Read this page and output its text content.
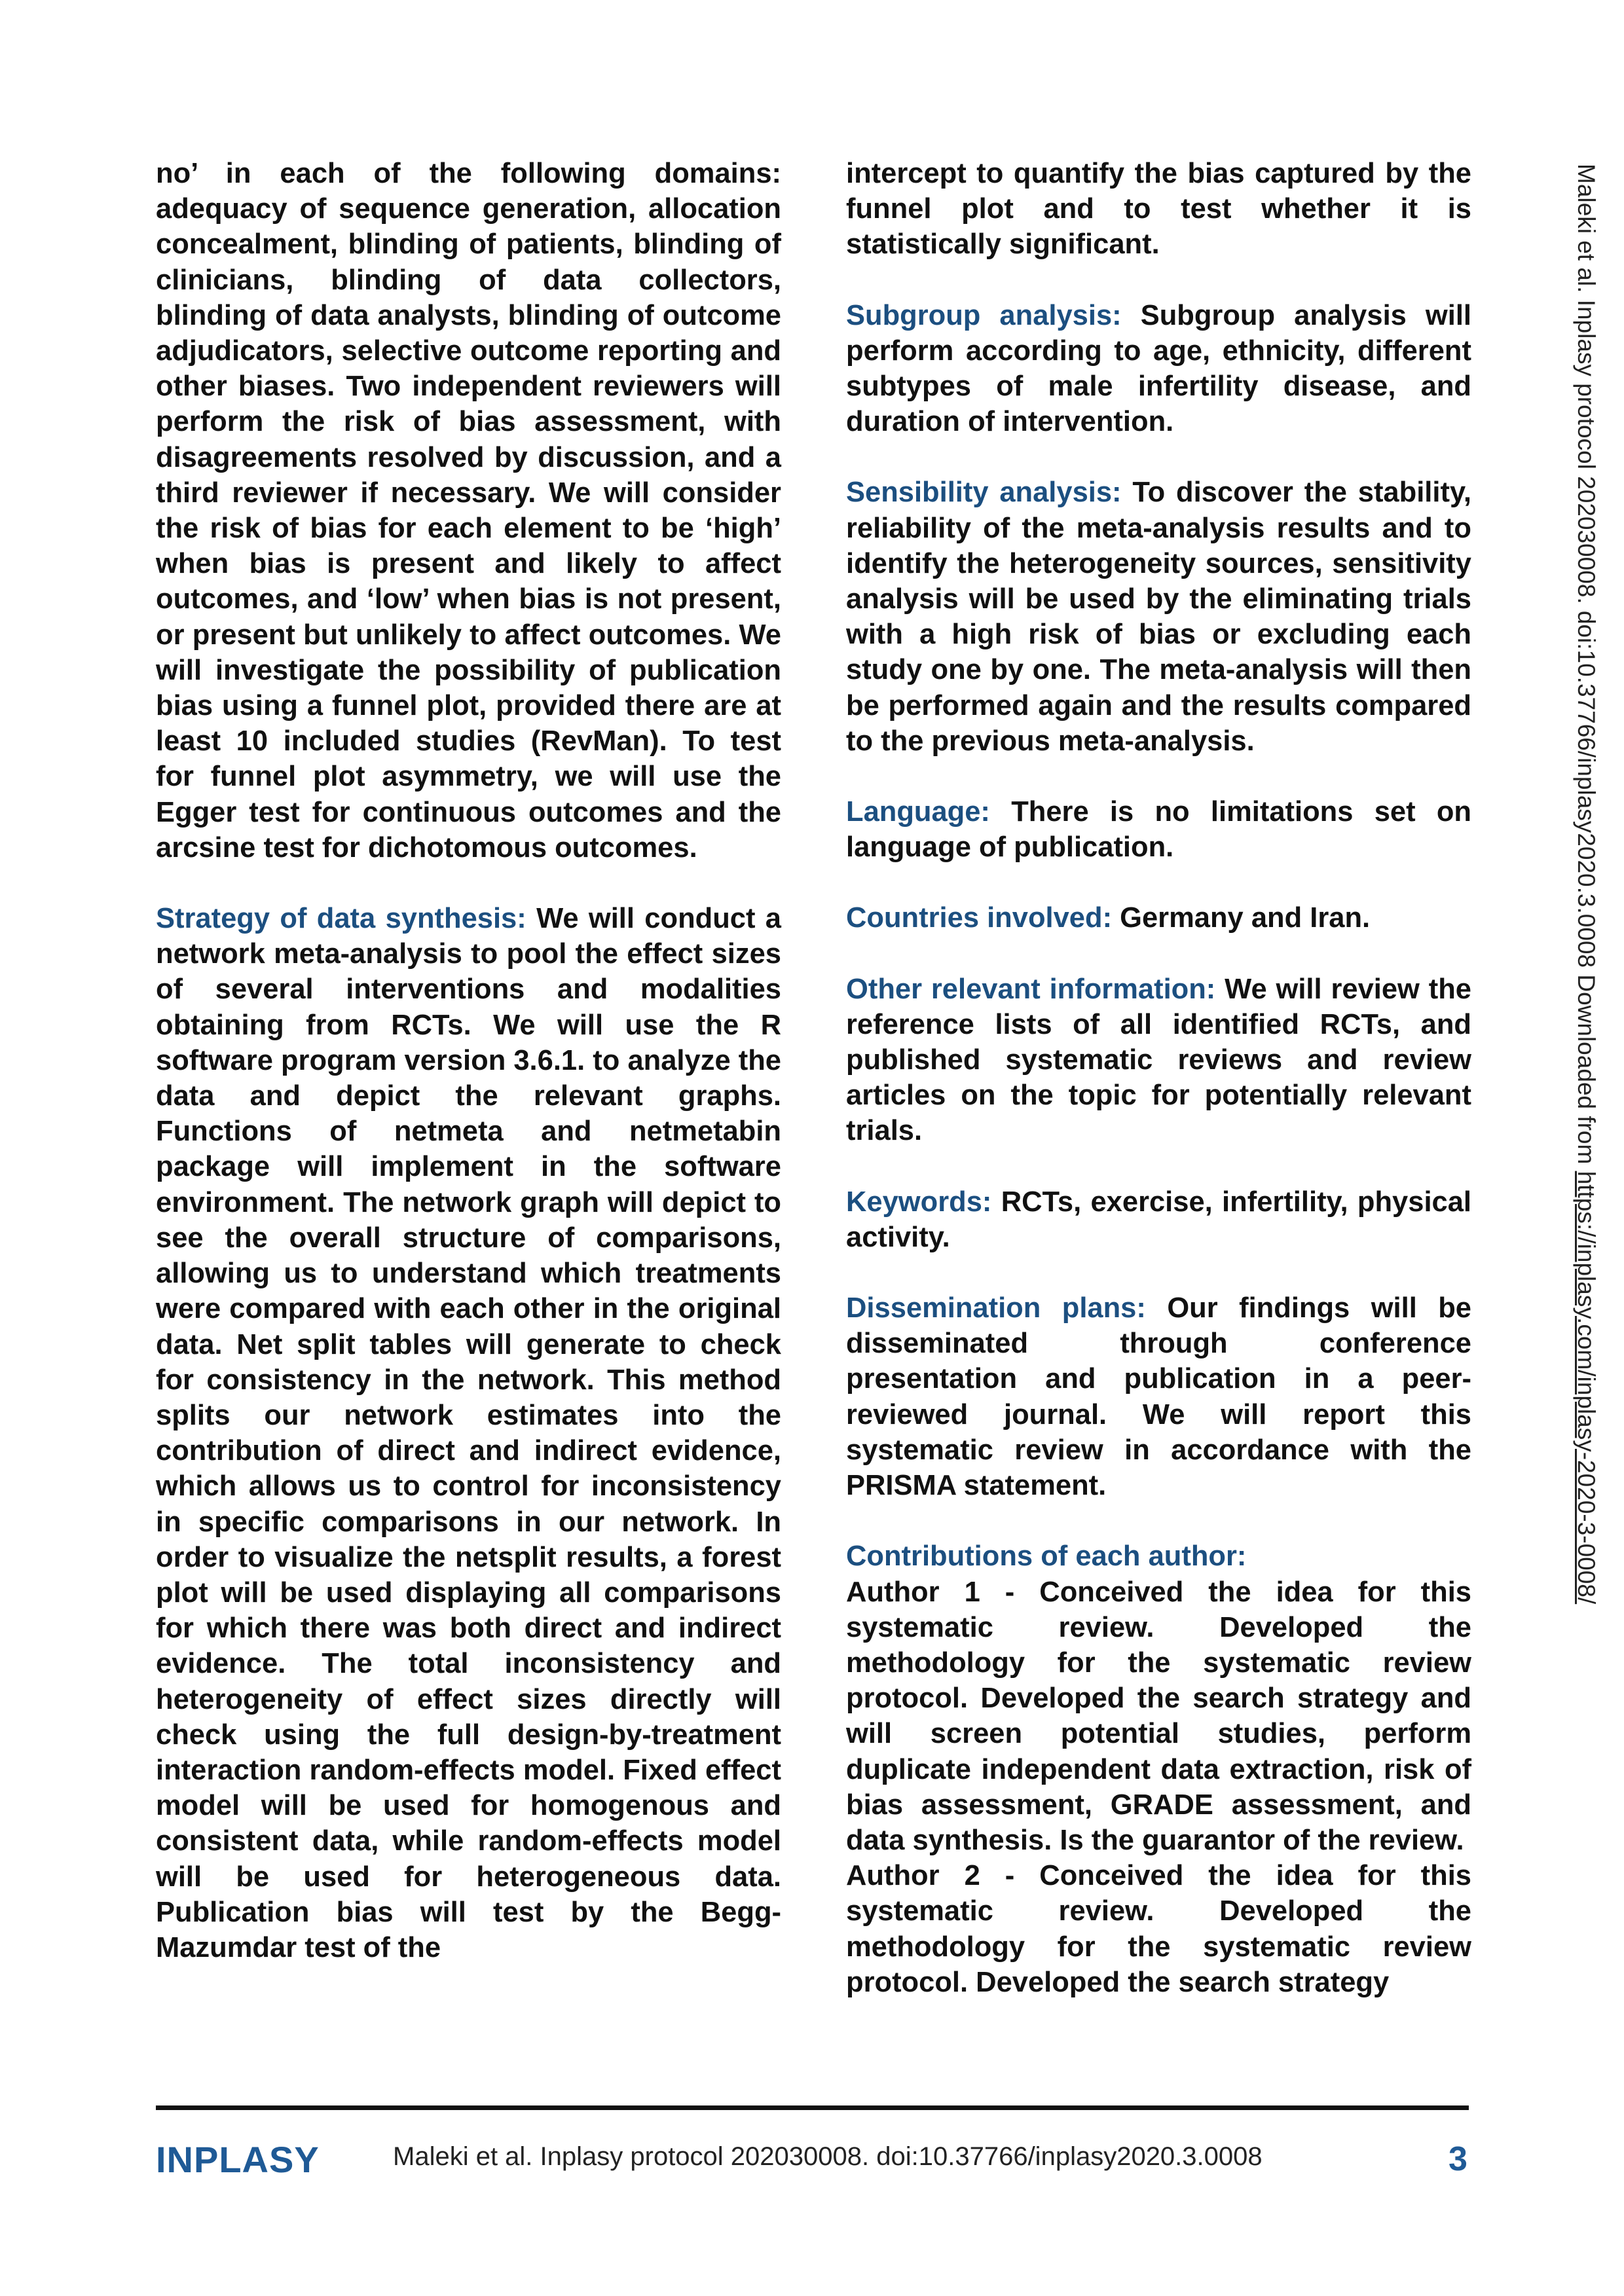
no’ in each of the following domains: adequacy of sequence generation, allocation concealment, blinding of patients, blinding of clinicians, blinding of data collectors, blinding of data analysts, blinding of outcome adjudicators, selective outcome reporting and other biases. Two independent reviewers will perform the risk of bias assessment, with disagreements resolved by discussion, and a third reviewer if necessary. We will consider the risk of bias for each element to be ‘high’ when bias is present and likely to affect outcomes, and ‘low’ when bias is not present, or present but unlikely to affect outcomes. We will investigate the possibility of publication bias using a funnel plot, provided there are at least 10 included studies (RevMan). To test for funnel plot asymmetry, we will use the Egger test for continuous outcomes and the arcsine test for dichotomous outcomes.

Strategy of data synthesis: We will conduct a network meta-analysis to pool the effect sizes of several interventions and modalities obtaining from RCTs. We will use the R software program version 3.6.1. to analyze the data and depict the relevant graphs. Functions of netmeta and netmetabin package will implement in the software environment. The network graph will depict to see the overall structure of comparisons, allowing us to understand which treatments were compared with each other in the original data. Net split tables will generate to check for consistency in the network. This method splits our network estimates into the contribution of direct and indirect evidence, which allows us to control for inconsistency in specific comparisons in our network. In order to visualize the netsplit results, a forest plot will be used displaying all comparisons for which there was both direct and indirect evidence. The total inconsistency and heterogeneity of effect sizes directly will check using the full design-by-treatment interaction random-effects model. Fixed effect model will be used for homogenous and consistent data, while random-effects model will be used for heterogeneous data. Publication bias will test by the Begg-Mazumdar test of the

intercept to quantify the bias captured by the funnel plot and to test whether it is statistically significant.

Subgroup analysis: Subgroup analysis will perform according to age, ethnicity, different subtypes of male infertility disease, and duration of intervention.

Sensibility analysis: To discover the stability, reliability of the meta-analysis results and to identify the heterogeneity sources, sensitivity analysis will be used by the eliminating trials with a high risk of bias or excluding each study one by one. The meta-analysis will then be performed again and the results compared to the previous meta-analysis.

Language: There is no limitations set on language of publication.

Countries involved: Germany and Iran.

Other relevant information: We will review the reference lists of all identified RCTs, and published systematic reviews and review articles on the topic for potentially relevant trials.

Keywords: RCTs, exercise, infertility, physical activity.

Dissemination plans: Our findings will be disseminated through conference presentation and publication in a peer-reviewed journal. We will report this systematic review in accordance with the PRISMA statement.

Contributions of each author:

Author 1 - Conceived the idea for this systematic review. Developed the methodology for the systematic review protocol. Developed the search strategy and will screen potential studies, perform duplicate independent data extraction, risk of bias assessment, GRADE assessment, and data synthesis. Is the guarantor of the review.

Author 2 - Conceived the idea for this systematic review. Developed the methodology for the systematic review protocol. Developed the search strategy

Maleki et al. Inplasy protocol 202030008. doi:10.37766/inplasy2020.3.0008 Downloaded from https://inplasy.com/inplasy-2020-3-0008/
INPLASY	Maleki et al. Inplasy protocol 202030008. doi:10.37766/inplasy2020.3.0008	3
